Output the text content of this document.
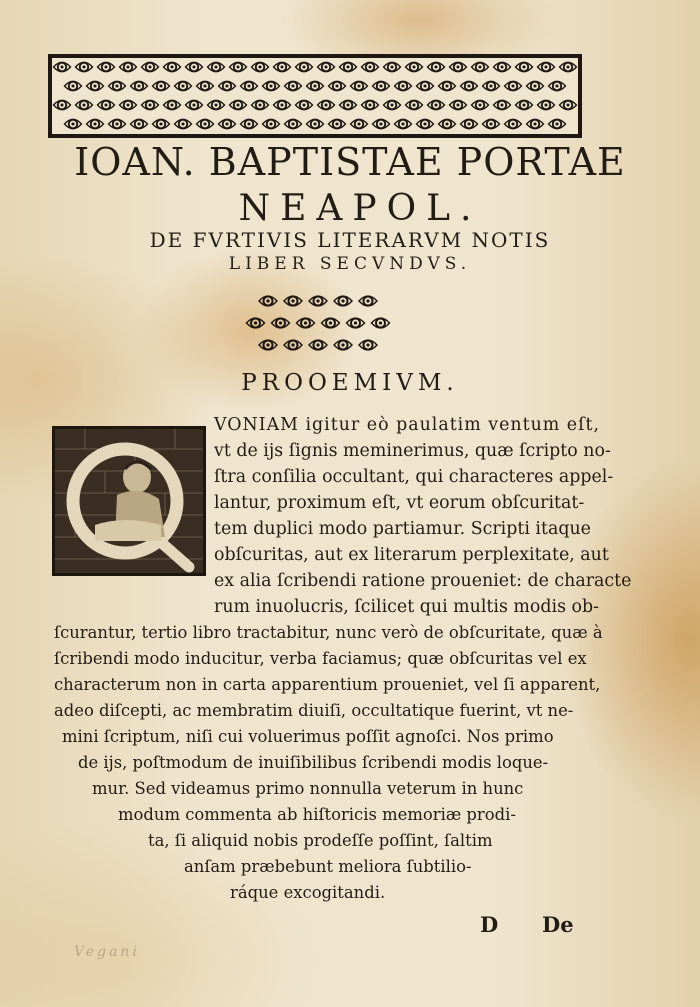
IOAN. BAPTISTAE PORTAE
NEAPOL.
DE FVRTIVIS LITERARVM NOTIS
LIBER SECVNDVS.
PROOEMIVM.
VONIAM igitur eò paulatim ventum eſt,
vt de ijs ſignis meminerimus, quæ ſcripto no-
ſtra conſilia occultant, qui characteres appel-
lantur, proximum eſt, vt eorum obſcuritat-
tem duplici modo partiamur. Scripti itaque
obſcuritas, aut ex literarum perplexitate, aut
ex alia ſcribendi ratione proueniet: de characte
rum inuolucris, ſcilicet qui multis modis ob-
ſcurantur, tertio libro tractabitur, nunc verò de obſcuritate, quæ à
ſcribendi modo inducitur, verba faciamus; quæ obſcuritas vel ex
characterum non in carta apparentium proueniet, vel ſi apparent,
adeo diſcepti, ac membratim diuiſi, occultatique fuerint, vt ne-
mini ſcriptum, niſi cui voluerimus poſſit agnoſci. Nos primo
de ijs, poſtmodum de inuiſibilibus ſcribendi modis loque-
mur. Sed videamus primo nonnulla veterum in hunc
modum commenta ab hiſtoricis memoriæ prodi-
ta, ſi aliquid nobis prodeſſe poſſint, ſaltim
anſam præbebunt meliora ſubtilio-
ráque excogitandi.
D De
Vegani
